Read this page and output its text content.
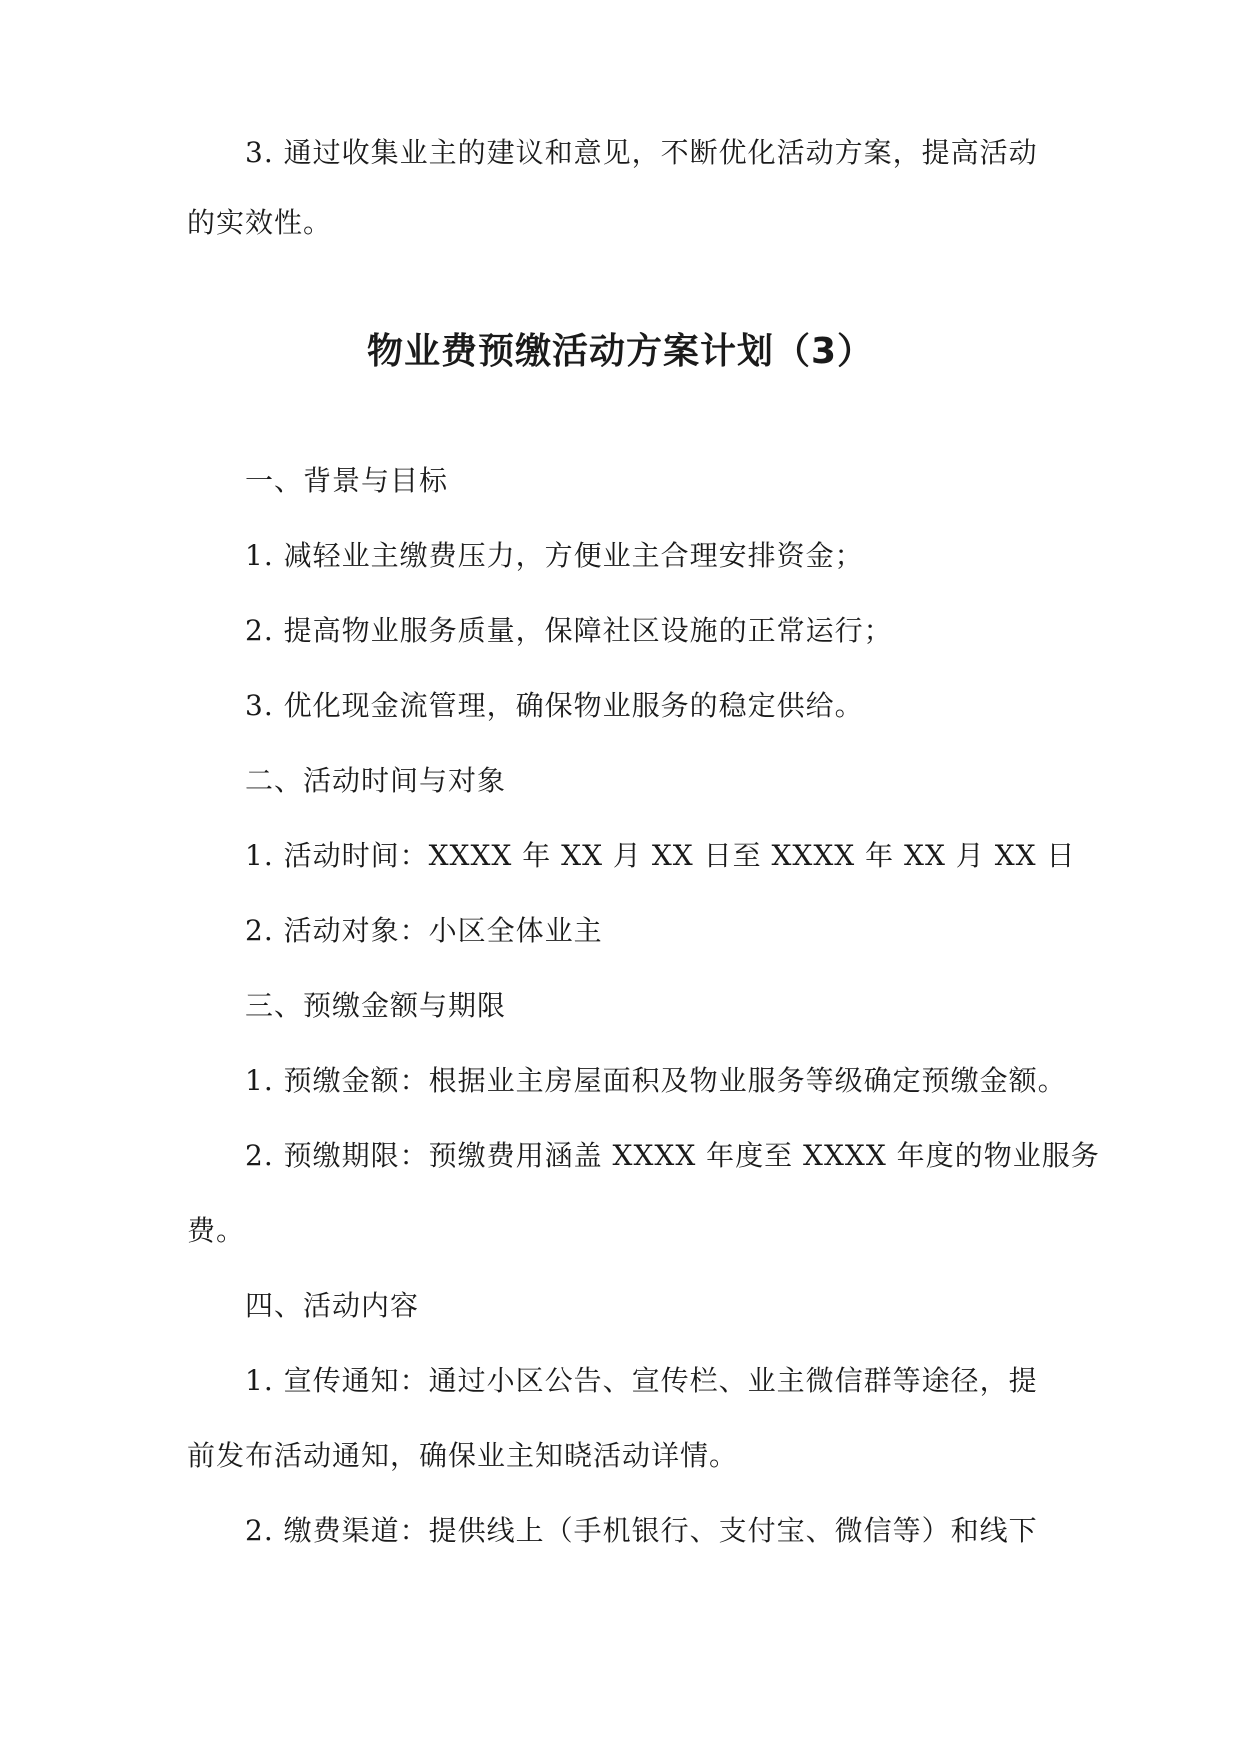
3. 通过收集业主的建议和意见，不断优化活动方案，提高活动
的实效性。
物业费预缴活动方案计划（3）
一、背景与目标
1. 减轻业主缴费压力，方便业主合理安排资金；
2. 提高物业服务质量，保障社区设施的正常运行；
3. 优化现金流管理，确保物业服务的稳定供给。
二、活动时间与对象
1. 活动时间：XXXX 年 XX 月 XX 日至 XXXX 年 XX 月 XX 日
2. 活动对象：小区全体业主
三、预缴金额与期限
1. 预缴金额：根据业主房屋面积及物业服务等级确定预缴金额。
2. 预缴期限：预缴费用涵盖 XXXX 年度至 XXXX 年度的物业服务
费。
四、活动内容
1. 宣传通知：通过小区公告、宣传栏、业主微信群等途径，提
前发布活动通知，确保业主知晓活动详情。
2. 缴费渠道：提供线上（手机银行、支付宝、微信等）和线下
